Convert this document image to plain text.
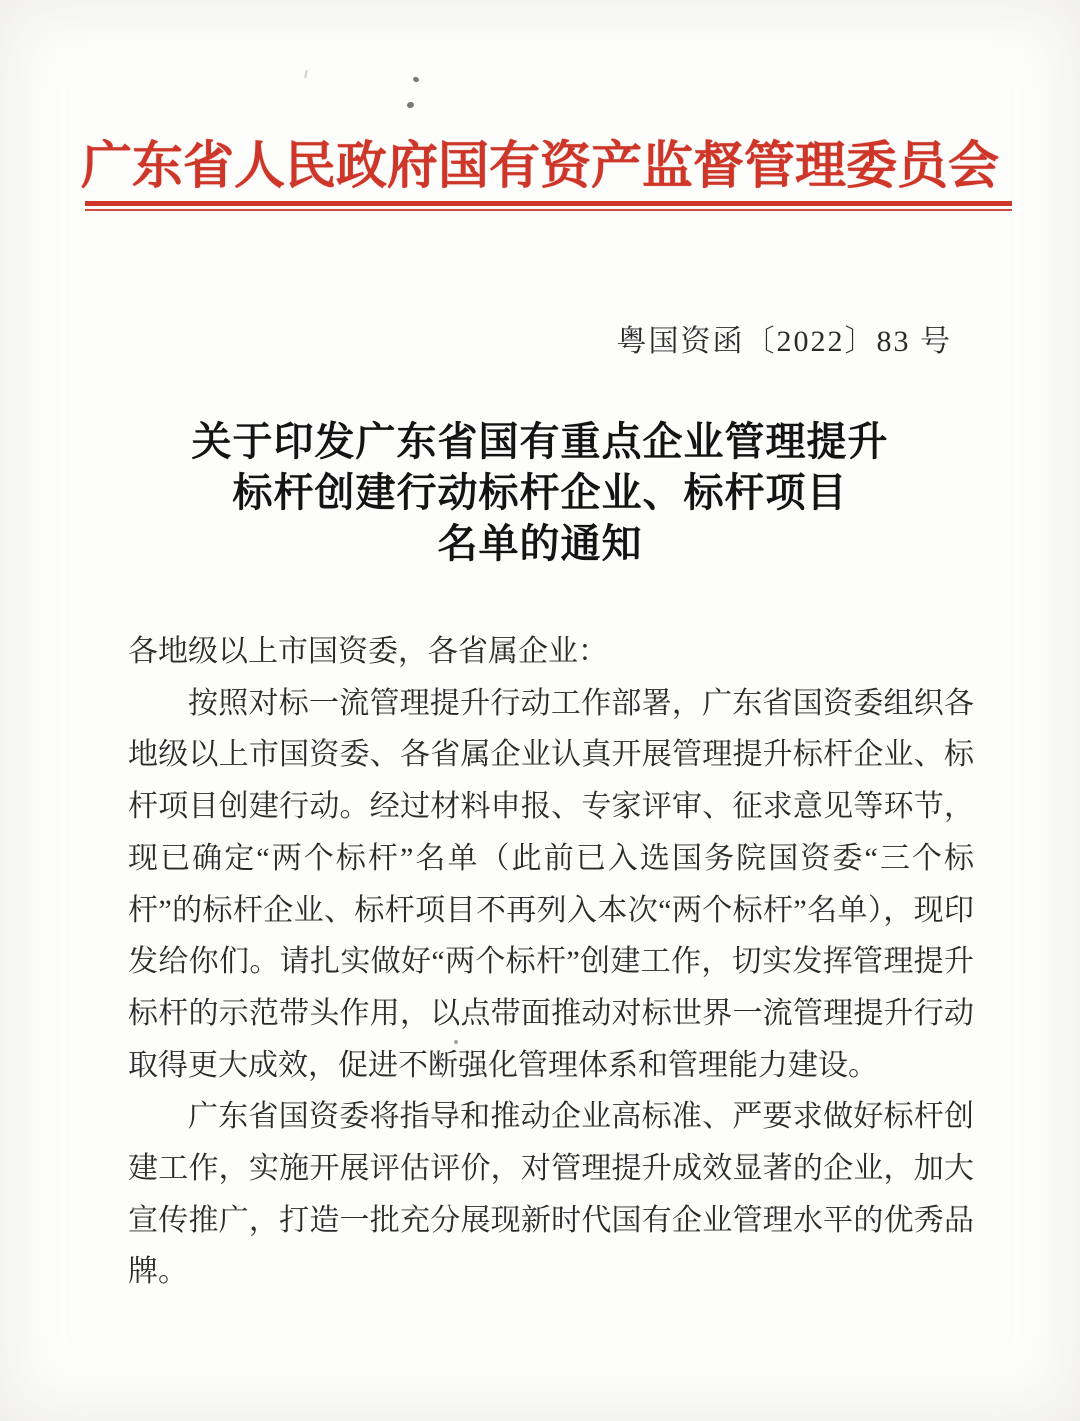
广东省人民政府国有资产监督管理委员会
粤国资函〔2022〕83 号
关于印发广东省国有重点企业管理提升
标杆创建行动标杆企业、标杆项目
名单的通知

各地级以上市国资委，各省属企业：

按照对标一流管理提升行动工作部署，广东省国资委组织各地级以上市国资委、各省属企业认真开展管理提升标杆企业、标杆项目创建行动。经过材料申报、专家评审、征求意见等环节，现已确定“两个标杆”名单（此前已入选国务院国资委“三个标杆”的标杆企业、标杆项目不再列入本次“两个标杆”名单），现印发给你们。请扎实做好“两个标杆”创建工作，切实发挥管理提升标杆的示范带头作用，以点带面推动对标世界一流管理提升行动取得更大成效，促进不断强化管理体系和管理能力建设。

广东省国资委将指导和推动企业高标准、严要求做好标杆创建工作，实施开展评估评价，对管理提升成效显著的企业，加大宣传推广，打造一批充分展现新时代国有企业管理水平的优秀品牌。
